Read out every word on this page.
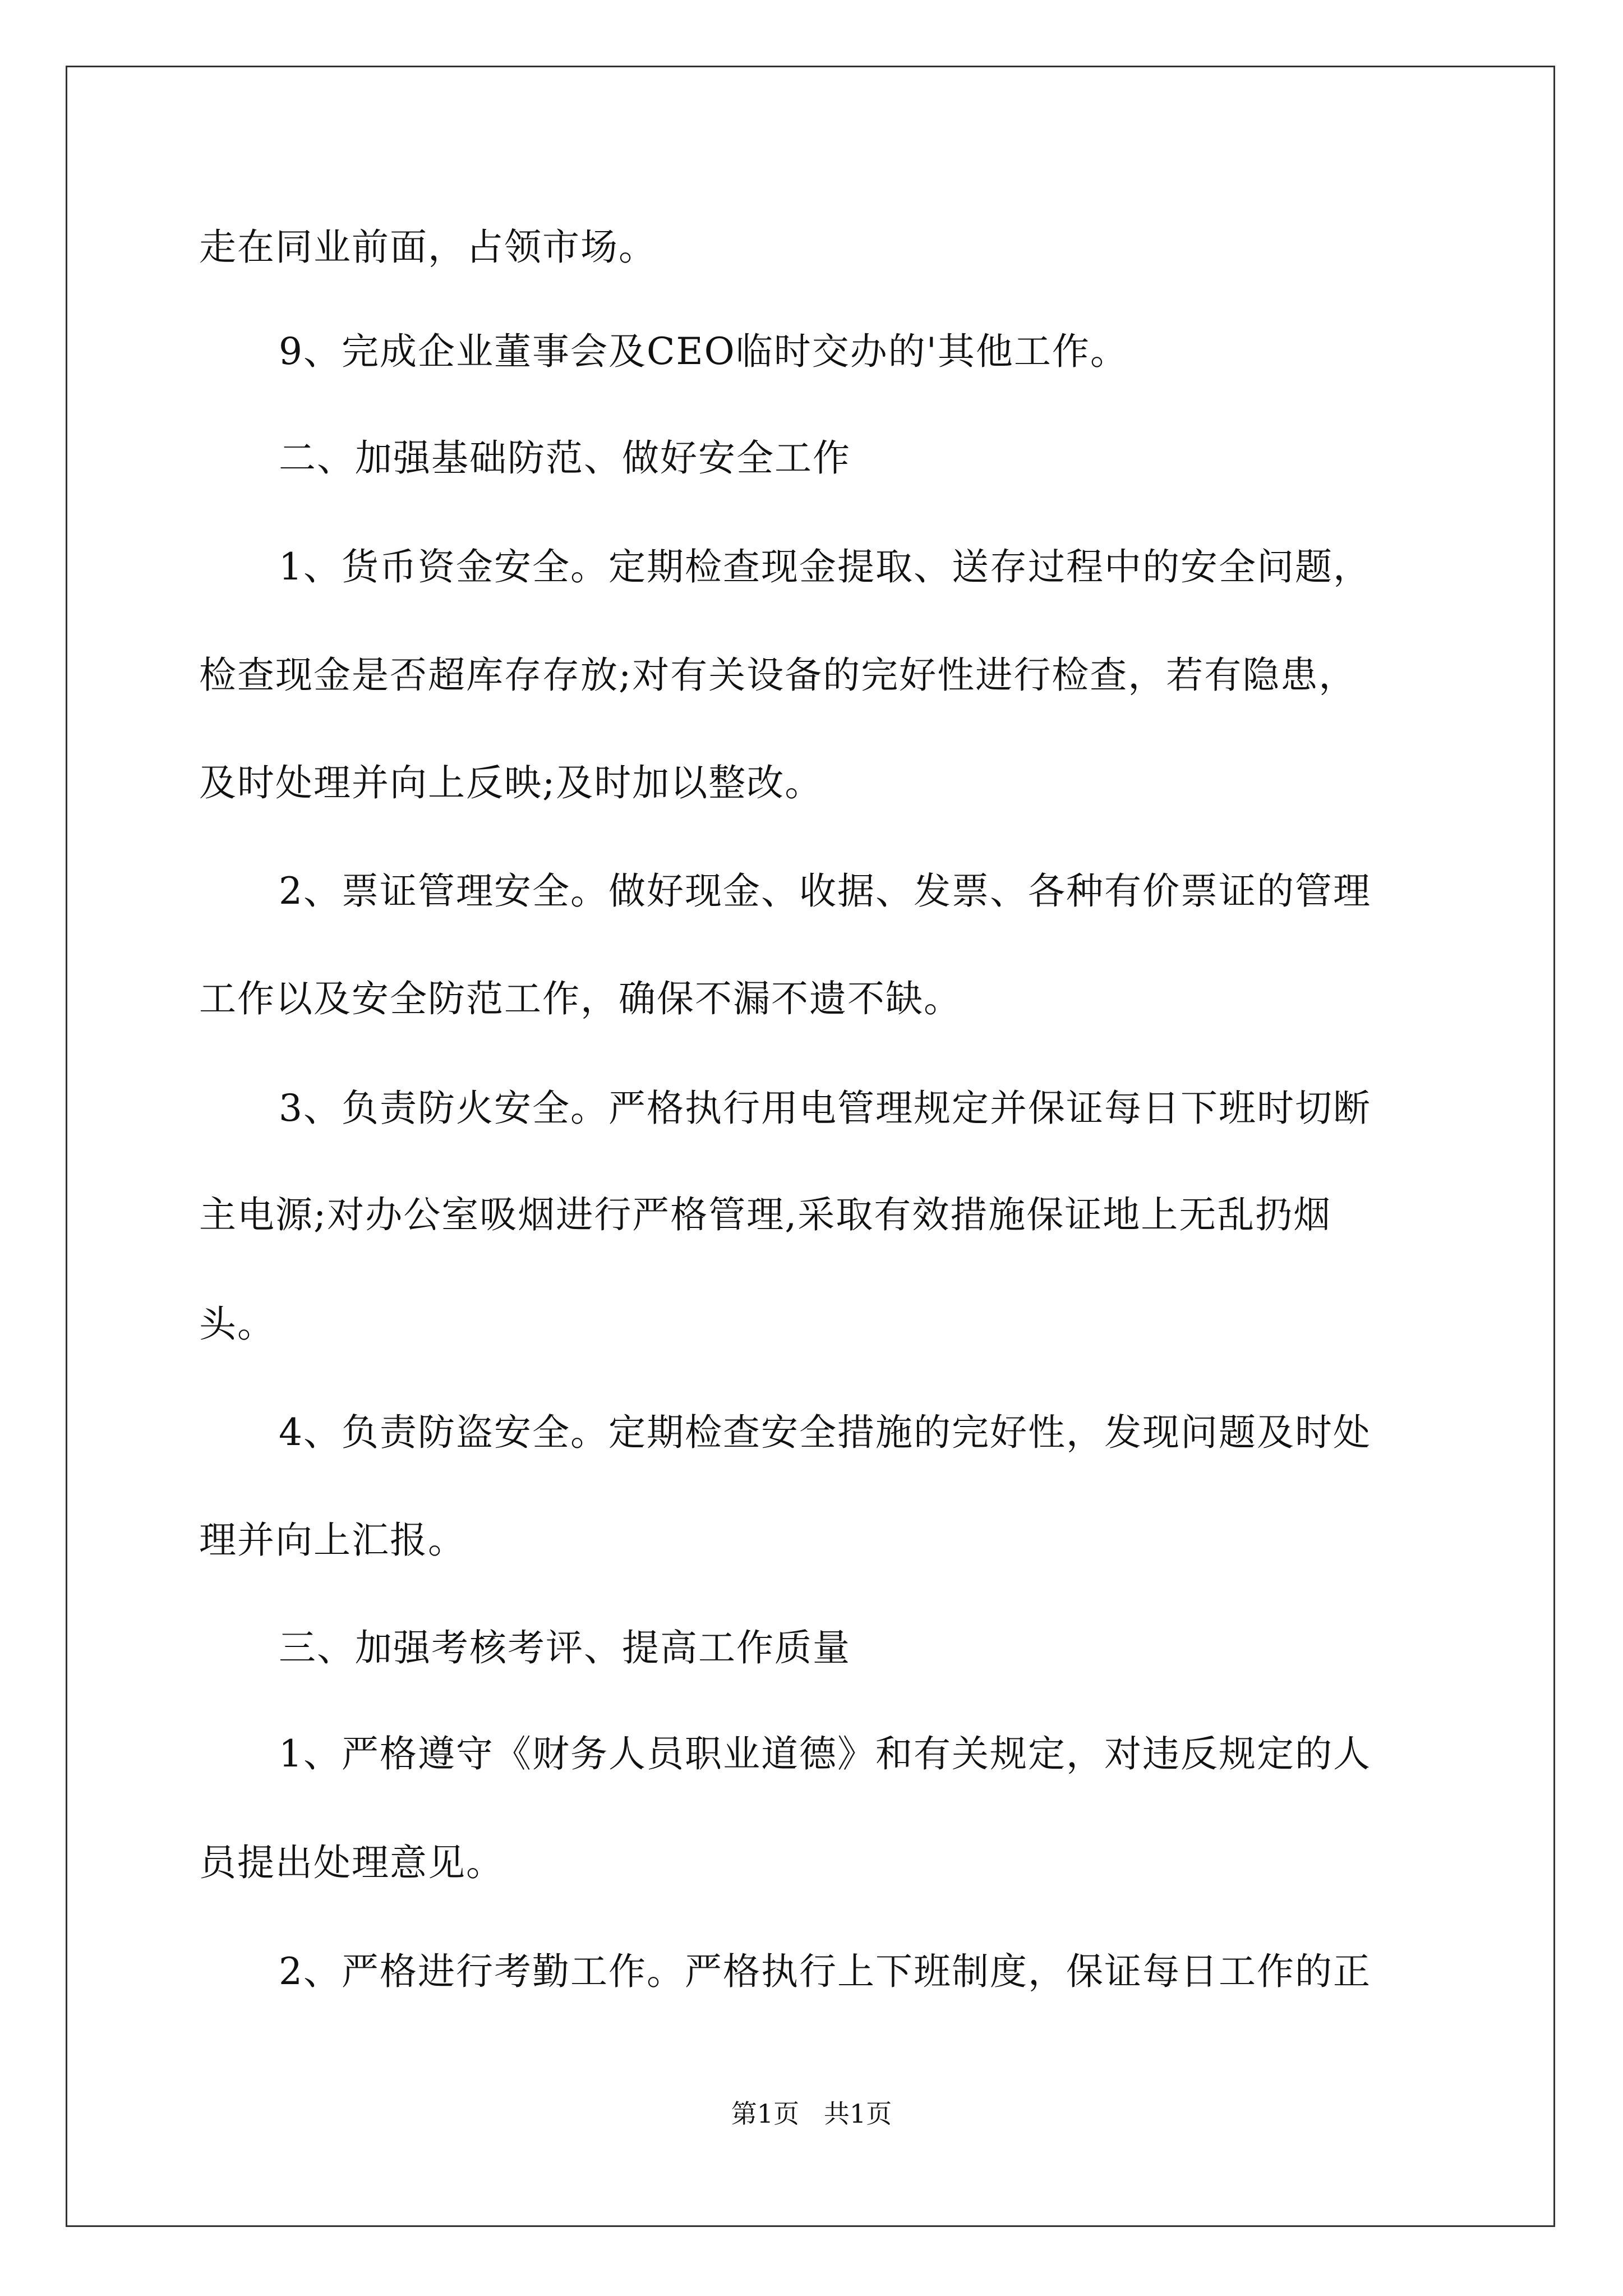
走在同业前面，占领市场。
9、完成企业董事会及CEO临时交办的'其他工作。
二、加强基础防范、做好安全工作
1、货币资金安全。定期检查现金提取、送存过程中的安全问题，
检查现金是否超库存存放;对有关设备的完好性进行检查，若有隐患，
及时处理并向上反映;及时加以整改。
2、票证管理安全。做好现金、收据、发票、各种有价票证的管理
工作以及安全防范工作，确保不漏不遗不缺。
3、负责防火安全。严格执行用电管理规定并保证每日下班时切断
主电源;对办公室吸烟进行严格管理,采取有效措施保证地上无乱扔烟
头。
4、负责防盗安全。定期检查安全措施的完好性，发现问题及时处
理并向上汇报。
三、加强考核考评、提高工作质量
1、严格遵守《财务人员职业道德》和有关规定，对违反规定的人
员提出处理意见。
2、严格进行考勤工作。严格执行上下班制度，保证每日工作的正
第1页   共1页
